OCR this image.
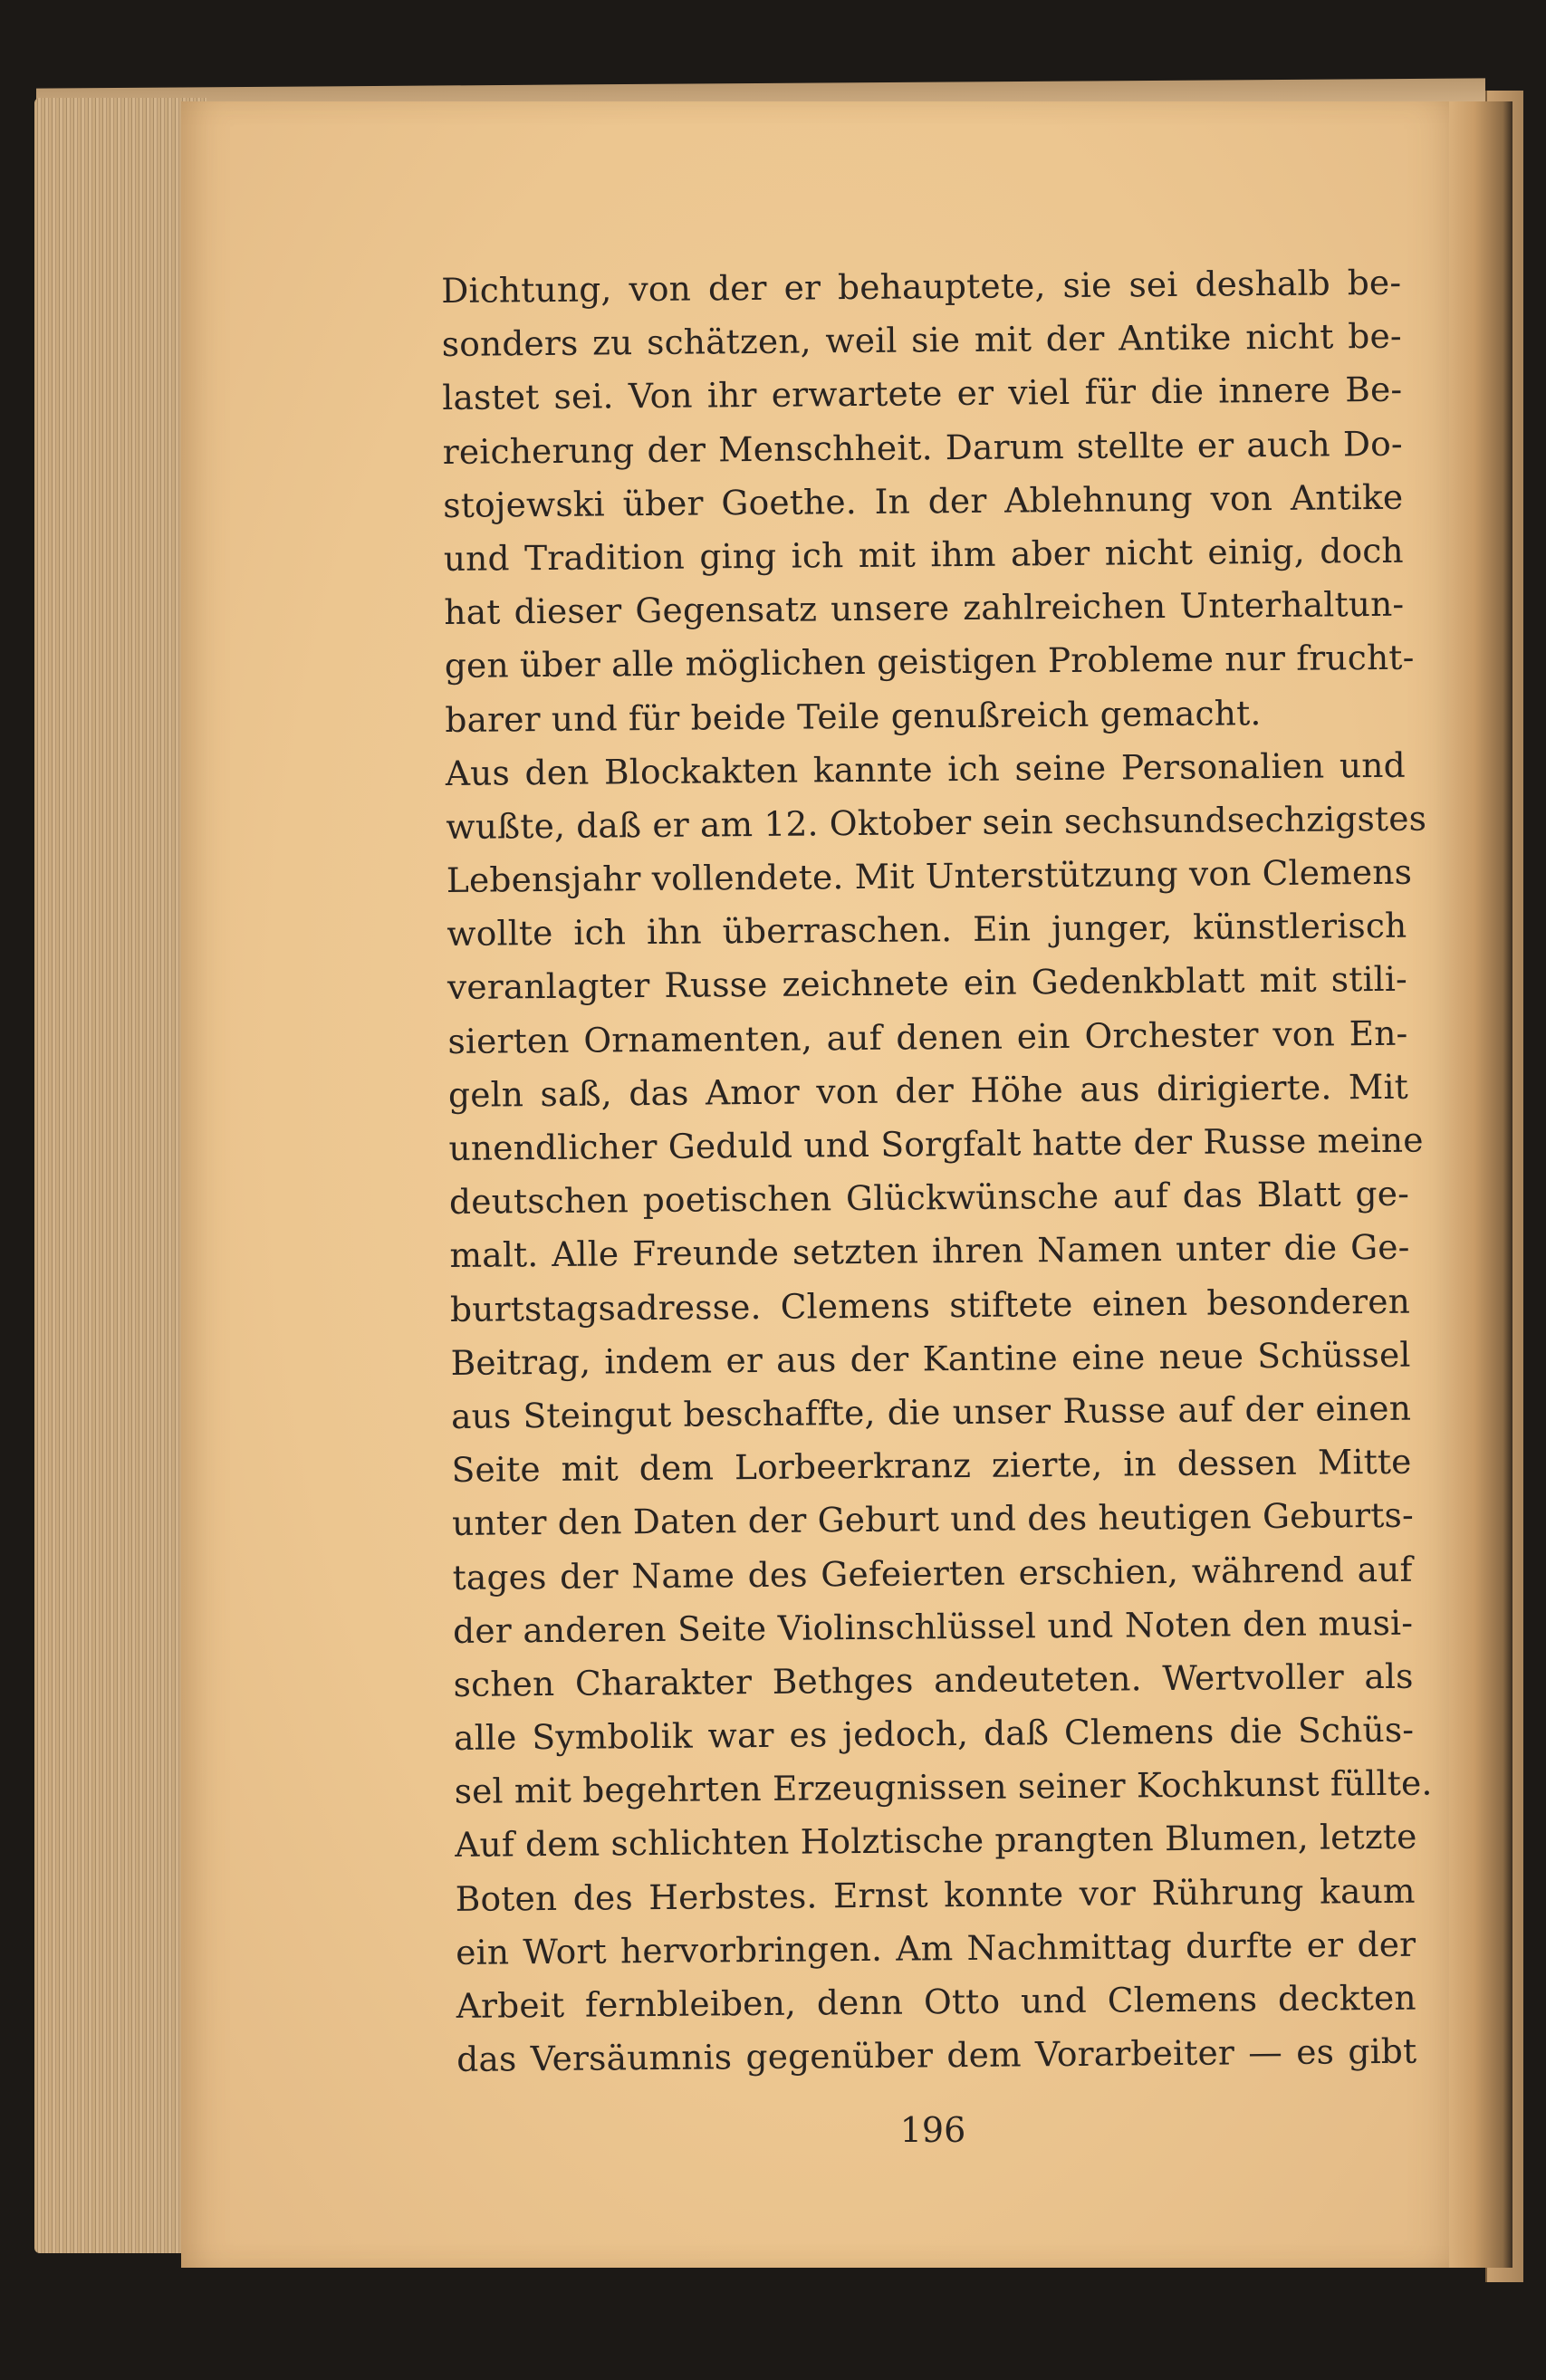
Dichtung, von der er behauptete, sie sei deshalb be-
sonders zu schätzen, weil sie mit der Antike nicht be-
lastet sei. Von ihr erwartete er viel für die innere Be-
reicherung der Menschheit. Darum stellte er auch Do-
stojewski über Goethe. In der Ablehnung von Antike
und Tradition ging ich mit ihm aber nicht einig, doch
hat dieser Gegensatz unsere zahlreichen Unterhaltun-
gen über alle möglichen geistigen Probleme nur frucht-
barer und für beide Teile genußreich gemacht.
Aus den Blockakten kannte ich seine Personalien und
wußte, daß er am 12. Oktober sein sechsundsechzigstes
Lebensjahr vollendete. Mit Unterstützung von Clemens
wollte ich ihn überraschen. Ein junger, künstlerisch
veranlagter Russe zeichnete ein Gedenkblatt mit stili-
sierten Ornamenten, auf denen ein Orchester von En-
geln saß, das Amor von der Höhe aus dirigierte. Mit
unendlicher Geduld und Sorgfalt hatte der Russe meine
deutschen poetischen Glückwünsche auf das Blatt ge-
malt. Alle Freunde setzten ihren Namen unter die Ge-
burtstagsadresse. Clemens stiftete einen besonderen
Beitrag, indem er aus der Kantine eine neue Schüssel
aus Steingut beschaffte, die unser Russe auf der einen
Seite mit dem Lorbeerkranz zierte, in dessen Mitte
unter den Daten der Geburt und des heutigen Geburts-
tages der Name des Gefeierten erschien, während auf
der anderen Seite Violinschlüssel und Noten den musi-
schen Charakter Bethges andeuteten. Wertvoller als
alle Symbolik war es jedoch, daß Clemens die Schüs-
sel mit begehrten Erzeugnissen seiner Kochkunst füllte.
Auf dem schlichten Holztische prangten Blumen, letzte
Boten des Herbstes. Ernst konnte vor Rührung kaum
ein Wort hervorbringen. Am Nachmittag durfte er der
Arbeit fernbleiben, denn Otto und Clemens deckten
das Versäumnis gegenüber dem Vorarbeiter — es gibt
196
